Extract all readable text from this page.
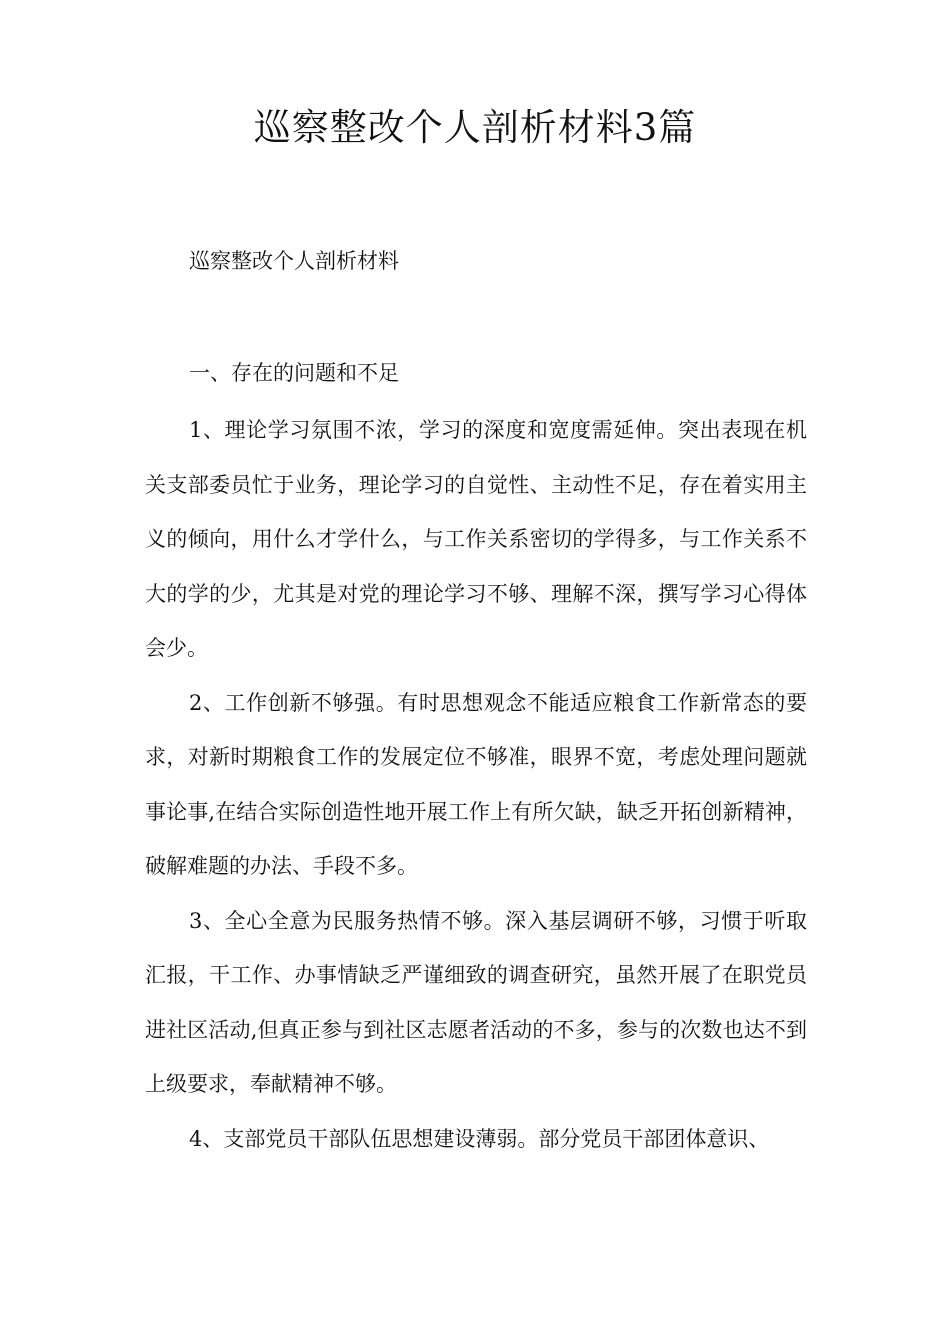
巡察整改个人剖析材料3篇

巡察整改个人剖析材料

一、存在的问题和不足

1、理论学习氛围不浓，学习的深度和宽度需延伸。突出表现在机关支部委员忙于业务，理论学习的自觉性、主动性不足，存在着实用主义的倾向，用什么才学什么，与工作关系密切的学得多，与工作关系不大的学的少，尤其是对党的理论学习不够、理解不深，撰写学习心得体会少。

2、工作创新不够强。有时思想观念不能适应粮食工作新常态的要求，对新时期粮食工作的发展定位不够准，眼界不宽，考虑处理问题就事论事,在结合实际创造性地开展工作上有所欠缺，缺乏开拓创新精神，破解难题的办法、手段不多。

3、全心全意为民服务热情不够。深入基层调研不够，习惯于听取汇报，干工作、办事情缺乏严谨细致的调查研究，虽然开展了在职党员进社区活动,但真正参与到社区志愿者活动的不多，参与的次数也达不到上级要求，奉献精神不够。

4、支部党员干部队伍思想建设薄弱。部分党员干部团体意识、
